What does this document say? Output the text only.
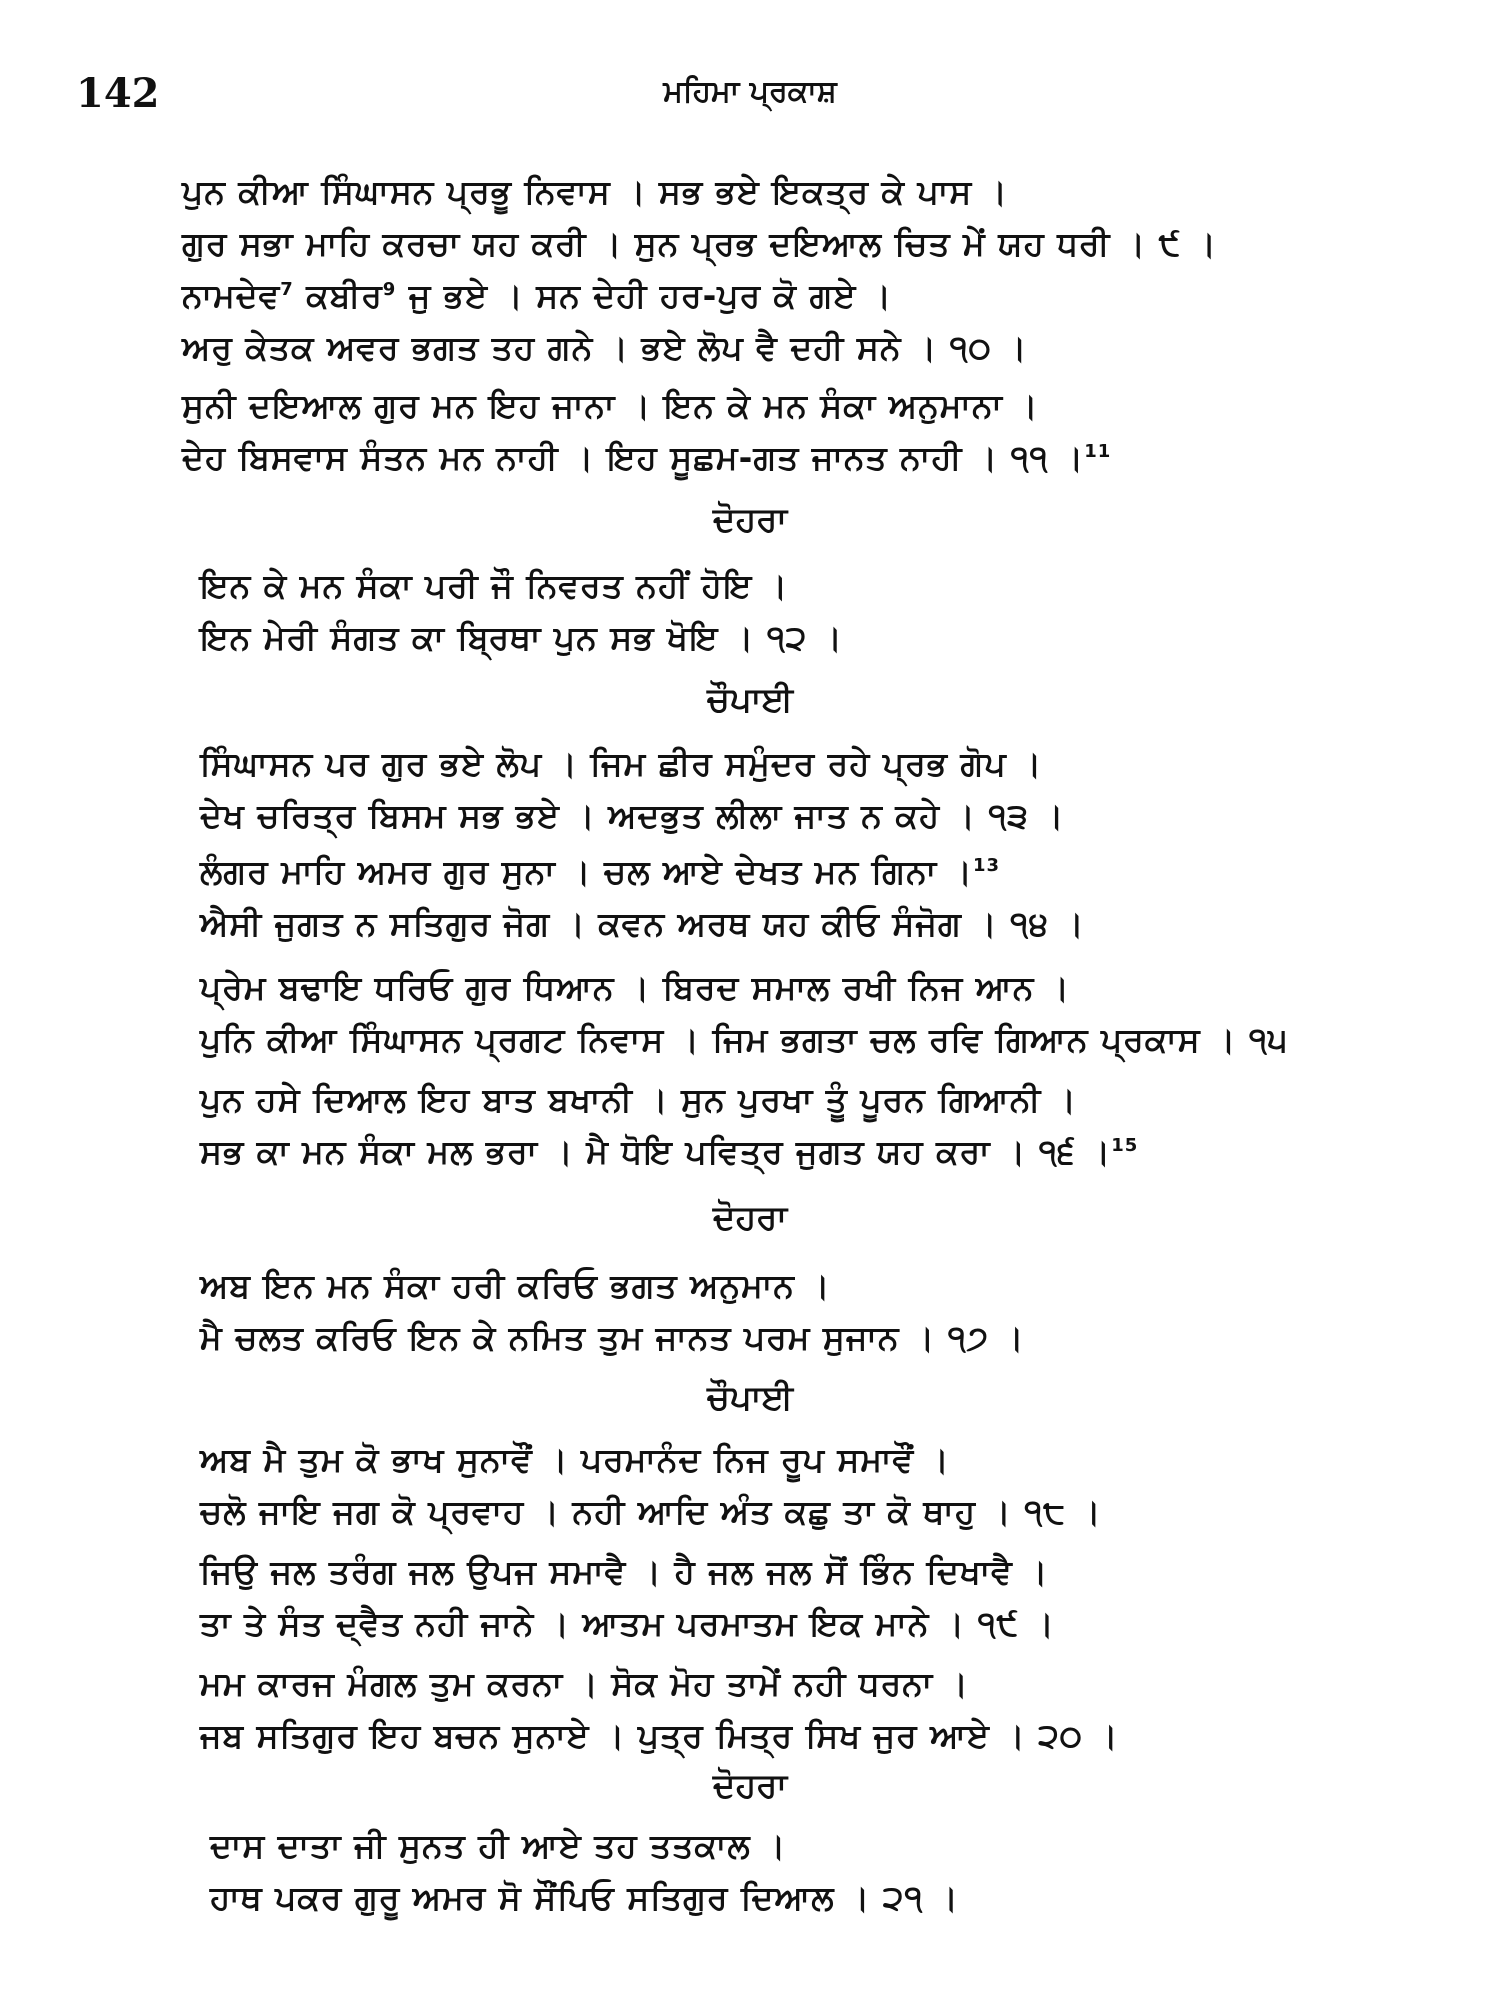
142	ਮਹਿਮਾ ਪ੍ਰਕਾਸ਼
ਪੁਨ ਕੀਆ ਸਿੰਘਾਸਨ ਪ੍ਰਭੂ ਨਿਵਾਸ । ਸਭ ਭਏ ਇਕਤ੍ਰ ਕੇ ਪਾਸ ।
ਗੁਰ ਸਭਾ ਮਾਹਿ ਕਰਚਾ ਯਹ ਕਰੀ । ਸੁਨ ਪ੍ਰਭ ਦਇਆਲ ਚਿਤ ਮੇਂ ਯਹ ਧਰੀ । ੯ ।
ਨਾਮਦੇਵ$^7$ ਕਬੀਰ$^9$ ਜੁ ਭਏ । ਸਨ ਦੇਹੀ ਹਰ-ਪੁਰ ਕੋ ਗਏ ।
ਅਰੁ ਕੇਤਕ ਅਵਰ ਭਗਤ ਤਹ ਗਨੇ । ਭਏ ਲੋਪ ਵੈ ਦਹੀ ਸਨੇ । ੧੦ ।
ਸੁਨੀ ਦਇਆਲ ਗੁਰ ਮਨ ਇਹ ਜਾਨਾ । ਇਨ ਕੇ ਮਨ ਸੰਕਾ ਅਨੁਮਾਨਾ ।
ਦੇਹ ਬਿਸਵਾਸ ਸੰਤਨ ਮਨ ਨਾਹੀ । ਇਹ ਸੂਛਮ-ਗਤ ਜਾਨਤ ਨਾਹੀ । ੧੧ ।$^{11}$
ਦੋਹਰਾ
ਇਨ ਕੇ ਮਨ ਸੰਕਾ ਪਰੀ ਜੌ ਨਿਵਰਤ ਨਹੀਂ ਹੋਇ ।
ਇਨ ਮੇਰੀ ਸੰਗਤ ਕਾ ਬ੍ਰਿਥਾ ਪੁਨ ਸਭ ਖੋਇ । ੧੨ ।
ਚੌਪਾਈ
ਸਿੰਘਾਸਨ ਪਰ ਗੁਰ ਭਏ ਲੋਪ । ਜਿਮ ਛੀਰ ਸਮੁੰਦਰ ਰਹੇ ਪ੍ਰਭ ਗੋਪ ।
ਦੇਖ ਚਰਿਤ੍ਰ ਬਿਸਮ ਸਭ ਭਏ । ਅਦਭੁਤ ਲੀਲਾ ਜਾਤ ਨ ਕਹੇ । ੧੩ ।
ਲੰਗਰ ਮਾਹਿ ਅਮਰ ਗੁਰ ਸੁਨਾ । ਚਲ ਆਏ ਦੇਖਤ ਮਨ ਗਿਨਾ ।$^{13}$
ਐਸੀ ਜੁਗਤ ਨ ਸਤਿਗੁਰ ਜੋਗ । ਕਵਨ ਅਰਥ ਯਹ ਕੀਓ ਸੰਜੋਗ । ੧੪ ।
ਪ੍ਰੇਮ ਬਢਾਇ ਧਰਿਓ ਗੁਰ ਧਿਆਨ । ਬਿਰਦ ਸਮਾਲ ਰਖੀ ਨਿਜ ਆਨ ।
ਪੁਨਿ ਕੀਆ ਸਿੰਘਾਸਨ ਪ੍ਰਗਟ ਨਿਵਾਸ । ਜਿਮ ਭਗਤਾ ਚਲ ਰਵਿ ਗਿਆਨ ਪ੍ਰਕਾਸ । ੧੫
ਪੁਨ ਹਸੇ ਦਿਆਲ ਇਹ ਬਾਤ ਬਖਾਨੀ । ਸੁਨ ਪੁਰਖਾ ਤੂੰ ਪੂਰਨ ਗਿਆਨੀ ।
ਸਭ ਕਾ ਮਨ ਸੰਕਾ ਮਲ ਭਰਾ । ਮੈ ਧੋਇ ਪਵਿਤ੍ਰ ਜੁਗਤ ਯਹ ਕਰਾ । ੧੬ ।$^{15}$
ਦੋਹਰਾ
ਅਬ ਇਨ ਮਨ ਸੰਕਾ ਹਰੀ ਕਰਿਓ ਭਗਤ ਅਨੁਮਾਨ ।
ਮੈ ਚਲਤ ਕਰਿਓ ਇਨ ਕੇ ਨਮਿਤ ਤੁਮ ਜਾਨਤ ਪਰਮ ਸੁਜਾਨ । ੧੭ ।
ਚੌਪਾਈ
ਅਬ ਮੈ ਤੁਮ ਕੋ ਭਾਖ ਸੁਨਾਵੌਂ । ਪਰਮਾਨੰਦ ਨਿਜ ਰੂਪ ਸਮਾਵੌਂ ।
ਚਲੋ ਜਾਇ ਜਗ ਕੋ ਪ੍ਰਵਾਹ । ਨਹੀ ਆਦਿ ਅੰਤ ਕਛੁ ਤਾ ਕੋ ਥਾਹੁ । ੧੮ ।
ਜਿਉ ਜਲ ਤਰੰਗ ਜਲ ਉਪਜ ਸਮਾਵੈ । ਹੈ ਜਲ ਜਲ ਸੋਂ ਭਿੰਨ ਦਿਖਾਵੈ ।
ਤਾ ਤੇ ਸੰਤ ਦ੍ਵੈਤ ਨਹੀ ਜਾਨੇ । ਆਤਮ ਪਰਮਾਤਮ ਇਕ ਮਾਨੇ । ੧੯ ।
ਮਮ ਕਾਰਜ ਮੰਗਲ ਤੁਮ ਕਰਨਾ । ਸੋਕ ਮੋਹ ਤਾਮੇਂ ਨਹੀ ਧਰਨਾ ।
ਜਬ ਸਤਿਗੁਰ ਇਹ ਬਚਨ ਸੁਨਾਏ । ਪੁਤ੍ਰ ਮਿਤ੍ਰ ਸਿਖ ਜੁਰ ਆਏ । ੨੦ ।
ਦੋਹਰਾ
ਦਾਸ ਦਾਤਾ ਜੀ ਸੁਨਤ ਹੀ ਆਏ ਤਹ ਤਤਕਾਲ ।
ਹਾਥ ਪਕਰ ਗੁਰੂ ਅਮਰ ਸੋ ਸੌਂਪਿਓ ਸਤਿਗੁਰ ਦਿਆਲ । ੨੧ ।
